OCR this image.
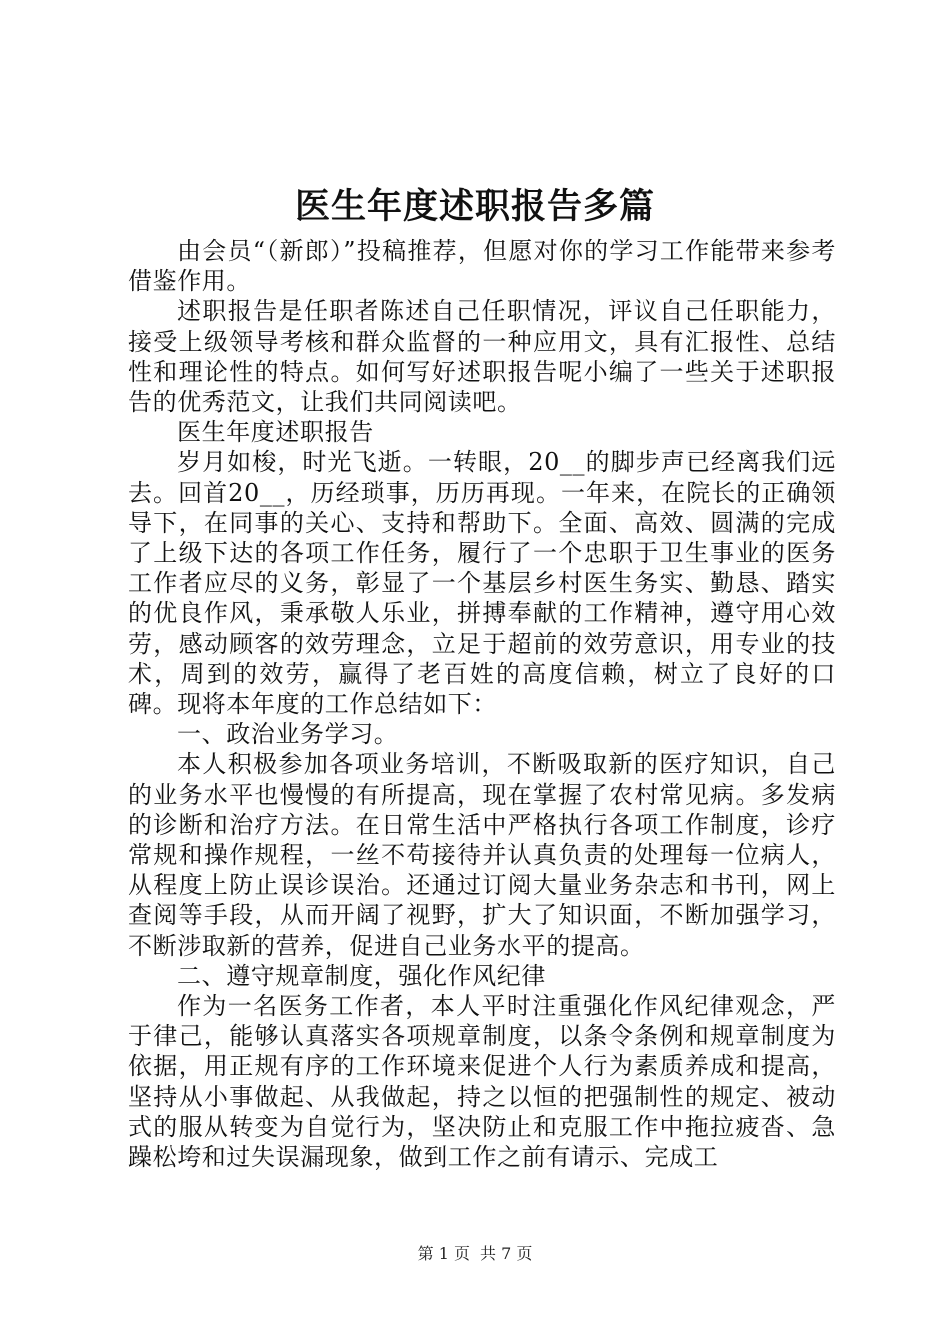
医生年度述职报告多篇

由会员“（新郎）”投稿推荐，但愿对你的学习工作能带来参考借鉴作用。

述职报告是任职者陈述自己任职情况，评议自己任职能力，接受上级领导考核和群众监督的一种应用文，具有汇报性、总结性和理论性的特点。如何写好述职报告呢小编了一些关于述职报告的优秀范文，让我们共同阅读吧。

医生年度述职报告

岁月如梭，时光飞逝。一转眼，20__的脚步声已经离我们远去。回首20__，历经琐事，历历再现。一年来，在院长的正确领导下，在同事的关心、支持和帮助下。全面、高效、圆满的完成了上级下达的各项工作任务，履行了一个忠职于卫生事业的医务工作者应尽的义务，彰显了一个基层乡村医生务实、勤恳、踏实的优良作风，秉承敬人乐业，拼搏奉献的工作精神，遵守用心效劳，感动顾客的效劳理念，立足于超前的效劳意识，用专业的技术，周到的效劳，赢得了老百姓的高度信赖，树立了良好的口碑。现将本年度的工作总结如下：

一、政治业务学习。

本人积极参加各项业务培训，不断吸取新的医疗知识，自己的业务水平也慢慢的有所提高，现在掌握了农村常见病。多发病的诊断和治疗方法。在日常生活中严格执行各项工作制度，诊疗常规和操作规程，一丝不苟接待并认真负责的处理每一位病人，从程度上防止误诊误治。还通过订阅大量业务杂志和书刊，网上查阅等手段，从而开阔了视野，扩大了知识面，不断加强学习，不断涉取新的营养，促进自己业务水平的提高。

二、遵守规章制度，强化作风纪律

作为一名医务工作者，本人平时注重强化作风纪律观念，严于律己，能够认真落实各项规章制度，以条令条例和规章制度为依据，用正规有序的工作环境来促进个人行为素质养成和提高，坚持从小事做起、从我做起，持之以恒的把强制性的规定、被动式的服从转变为自觉行为，坚决防止和克服工作中拖拉疲沓、急躁松垮和过失误漏现象，做到工作之前有请示、完成工

第 1 页 共 7 页
